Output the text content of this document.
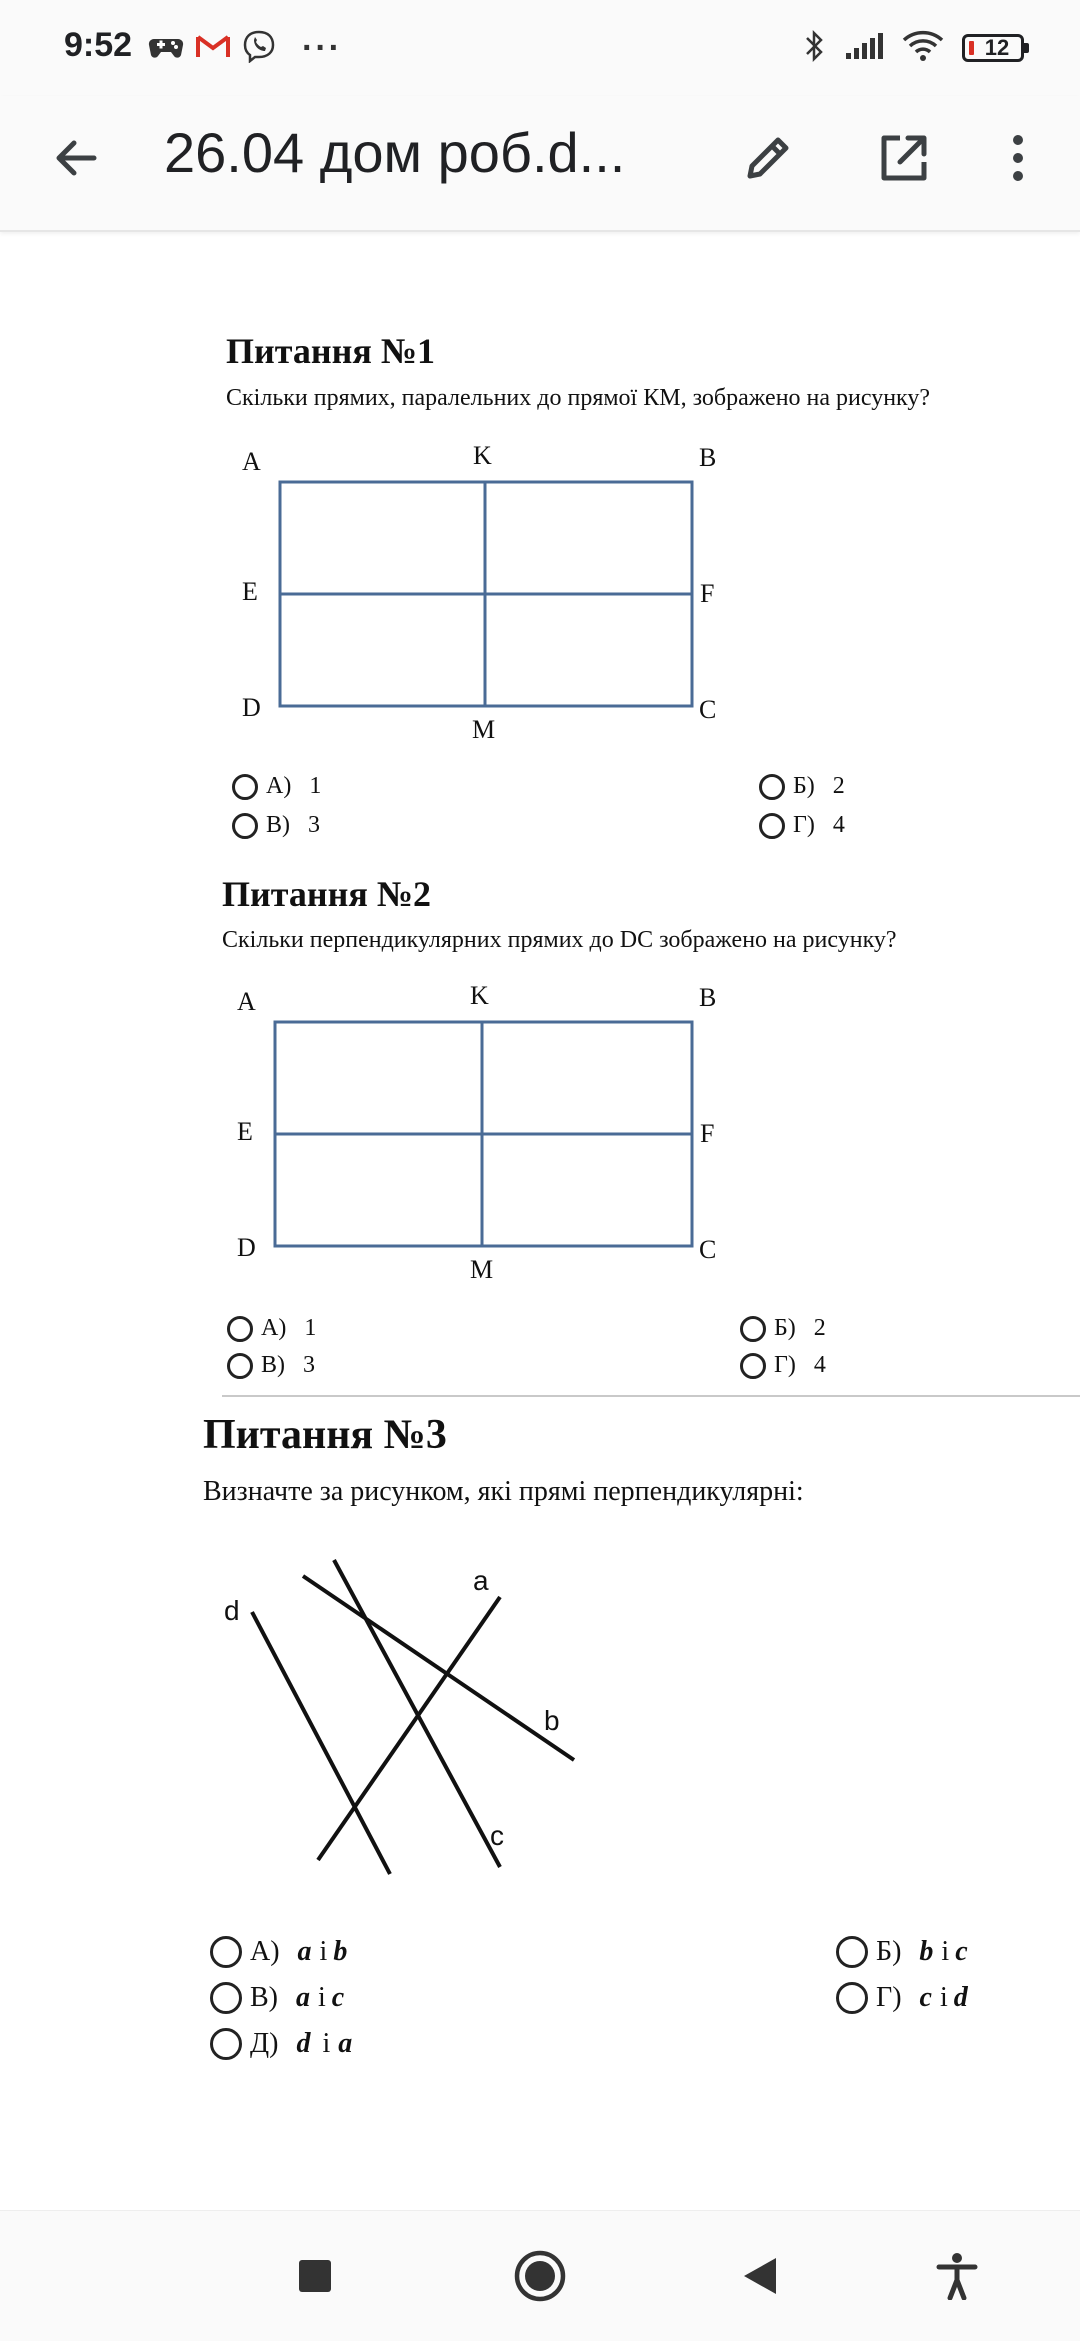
9:52	···	12
26.04 дом роб.d...
Питання №1
Скільки прямих, паралельних до прямої КМ, зображено на рисунку?
A	K	B
E	F
D
M
C
А) 1	Б) 2
В) 3	Г) 4
Питання №2
Скільки перпендикулярних прямих до DC зображено на рисунку?
A	K	B
E	F
D
M
C
А) 1	Б) 2
В) 3	Г) 4
Питання №3
Визначте за рисунком, які прямі перпендикулярні:
a
b
c
d
А) a і b	Б) b і c
В) a і c	Г) c і d
Д) d і a
